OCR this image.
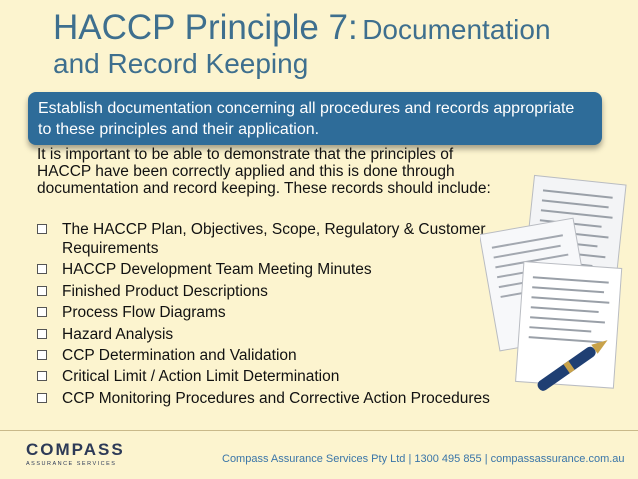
HACCP Principle 7: Documentation
and Record Keeping
Establish documentation concerning all procedures and records appropriate to these principles and their application.
It is important to be able to demonstrate that the principles of HACCP have been correctly applied and this is done through documentation and record keeping. These records should include:
The HACCP Plan, Objectives, Scope, Regulatory & Customer Requirements
HACCP Development Team Meeting Minutes
Finished Product Descriptions
Process Flow Diagrams
Hazard Analysis
CCP Determination and Validation
Critical Limit / Action Limit Determination
CCP Monitoring Procedures and Corrective Action Procedures
COMPASS
ASSURANCE SERVICES	Compass Assurance Services Pty Ltd | 1300 495 855 | compassassurance.com.au
